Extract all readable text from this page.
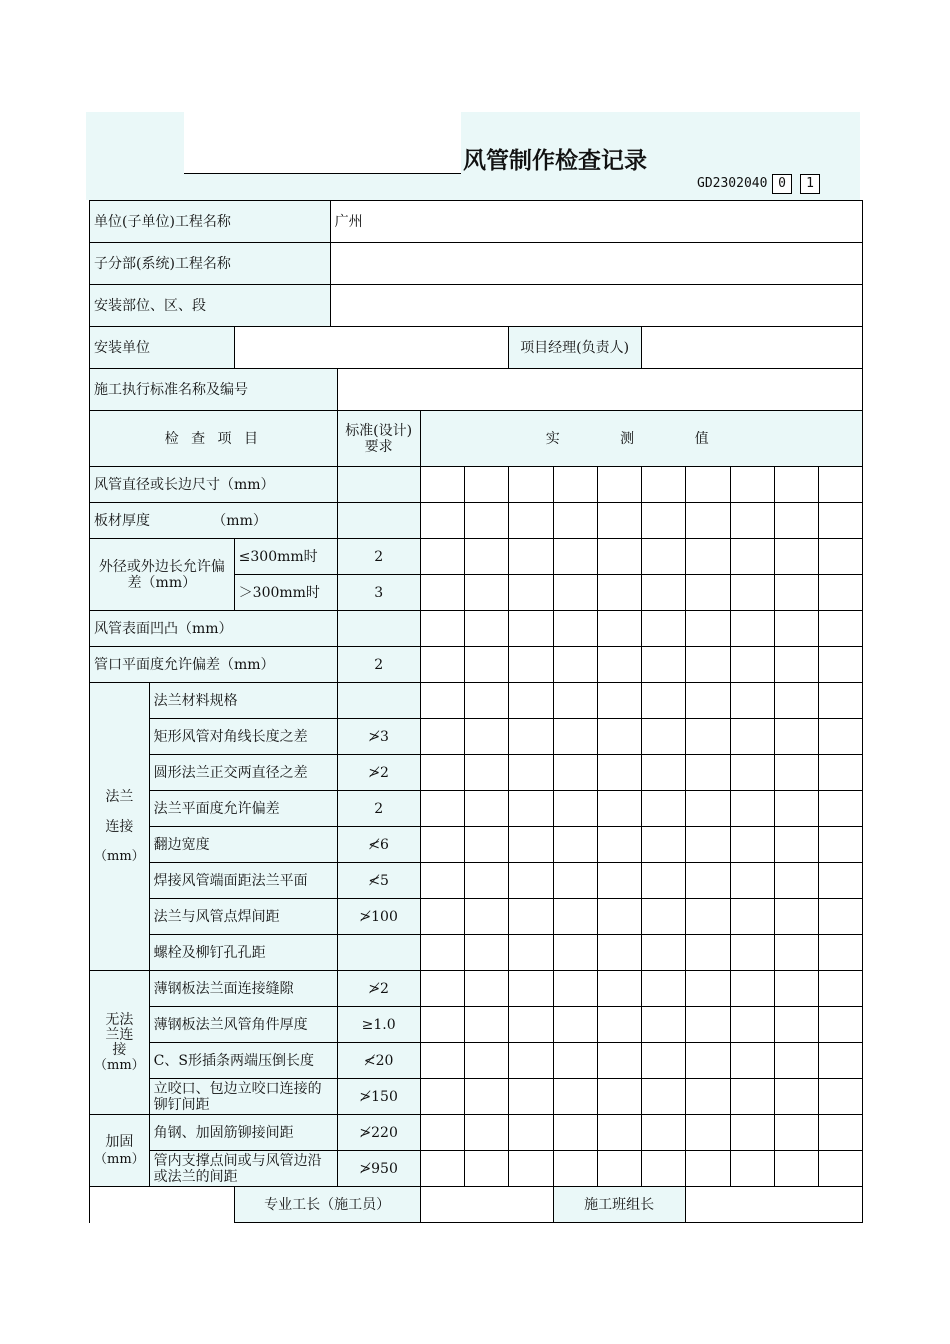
风管制作检查记录
GD2302040 0	1
单位(子单位)工程名称			广州											
子分部(系统)工程名称														
安装部位、区、段														
安装单位							项目经理(负责人)							
施工执行标准名称及编号														
检 查 项 目				标准(设计)要求	实 测 值									
风管直径或长边尺寸（mm）														
板材厚度              （mm）														
外径或外边长允许偏差（mm）		≤300mm时		2										
		＞300mm时		3										
风管表面凹凸（mm）														
管口平面度允许偏差（mm）				2										

法兰
连接
（mm）	法兰材料规格													
	矩形风管对角线长度之差			≯3										
	圆形法兰正交两直径之差			≯2										
	法兰平面度允许偏差			2										
	翻边宽度			≮6										
	焊接风管端面距法兰平面			≮5										
	法兰与风管点焊间距			≯100										
	螺栓及柳钉孔孔距													

无法
兰连
接
（mm）	薄钢板法兰面连接缝隙			≯2										
	薄钢板法兰风管角件厚度			≥1.0										
	C、S形插条两端压倒长度			≮20										
	立咬口、包边立咬口连接的铆钉间距			≯150										

加固
（mm）	角钢、加固筋铆接间距			≯220										
	管内支撑点间或与风管边沿或法兰的间距			≯950										
		专业工长（施工员）						施工班组长						
